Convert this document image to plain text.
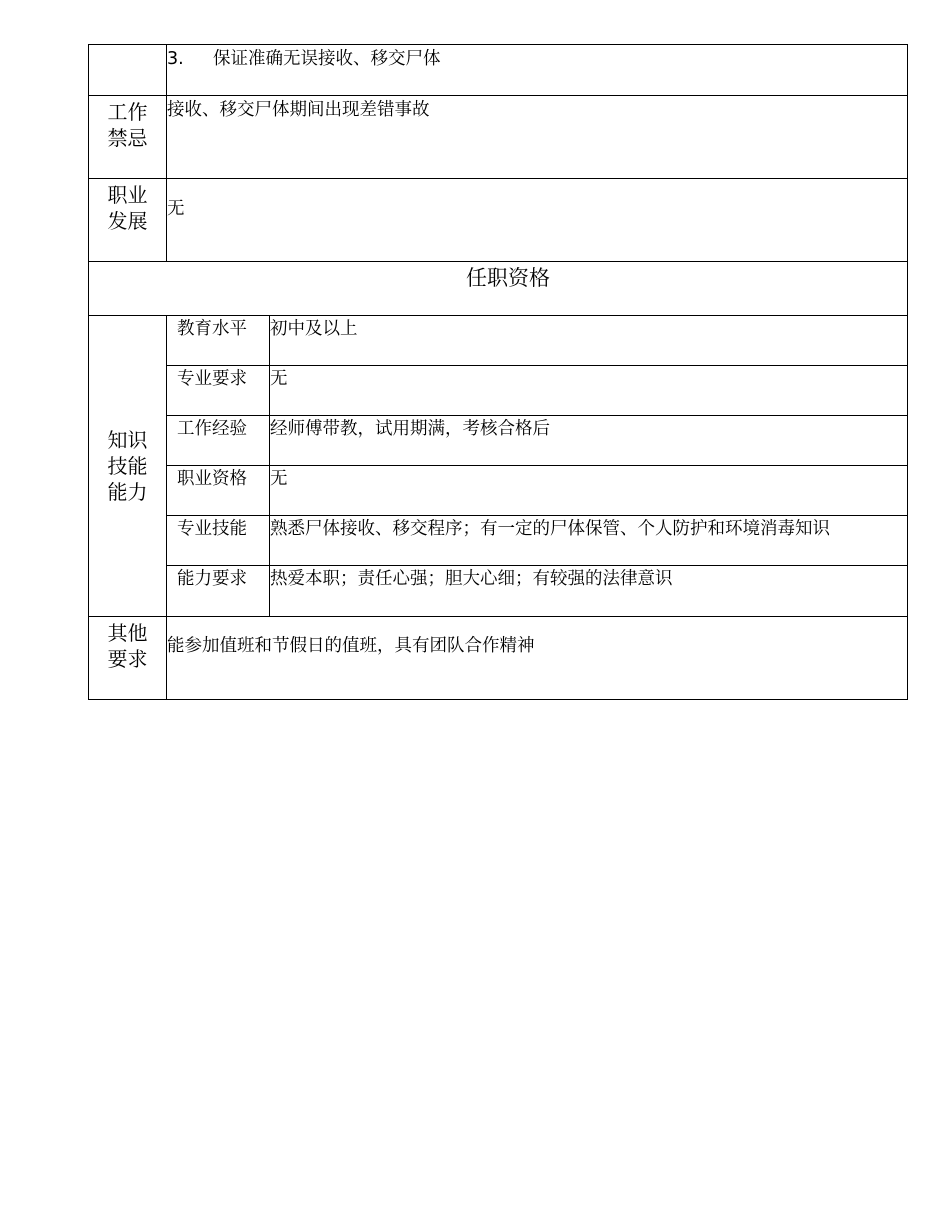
	3. 保证准确无误接收、移交尸体	

工作
禁忌	接收、移交尸体期间出现差错事故	

职业
发展	无	
任职资格		

知识
技能
能力	教育水平	初中及以上
	专业要求	无
	工作经验	经师傅带教，试用期满，考核合格后
	职业资格	无
	专业技能	熟悉尸体接收、移交程序；有一定的尸体保管、个人防护和环境消毒知识
	能力要求	热爱本职；责任心强；胆大心细；有较强的法律意识

其他
要求	能参加值班和节假日的值班，具有团队合作精神	
